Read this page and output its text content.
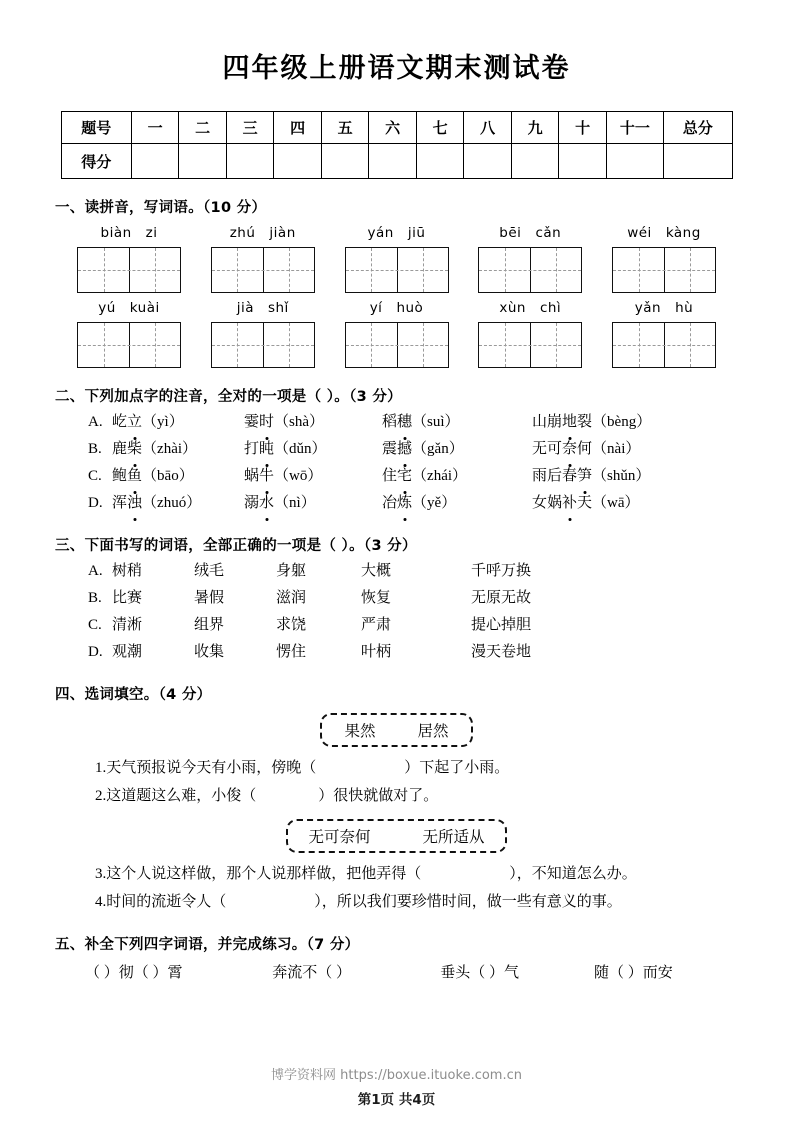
四年级上册语文期末测试卷
题号	一	二	三	四	五	六	七	八	九	十	十一	总分
得分												
一、读拼音，写词语。（10 分）
biàn zi	zhú jiàn	yán jiū	bēi cǎn	wéi kàng
yú kuài	jià shǐ	yí huò	xùn chì	yǎn hù
二、下列加点字的注音，全对的一项是（ ）。（3 分）
A. 屹立（yì）	霎时（shà）	稻穗（suì）	山崩地裂（bèng）
B. 鹿柴（zhài）	打盹（dǔn）	震撼（gǎn）	无可奈何（nài）
C. 鲍鱼（bāo）	蜗牛（wō）	住宅（zhái）	雨后春笋（shǔn）
D. 浑浊（zhuó）	溺水（nì）	冶炼（yě）	女娲补天（wā）
三、下面书写的词语，全部正确的一项是（ ）。（3 分）
A. 树稍	绒毛	身躯	大概	千呼万换
B. 比赛	暑假	滋润	恢复	无原无故
C. 清淅	组界	求饶	严肃	提心掉胆
D. 观潮	收集	愣住	叶柄	漫天卷地
四、选词填空。（4 分）
果然	居然
1.天气预报说今天有小雨，傍晚（	）下起了小雨。
2.这道题这么难，小俊（	）很快就做对了。
无可奈何	无所适从
3.这个人说这样做，那个人说那样做，把他弄得（	），不知道怎么办。
4.时间的流逝令人（	），所以我们要珍惜时间，做一些有意义的事。
五、补全下列四字词语，并完成练习。（7 分）
（ ）彻（ ）霄	奔流不（ ）	垂头（ ）气	随（ ）而安
博学资料网 https://boxue.ituoke.com.cn
第1页 共4页
